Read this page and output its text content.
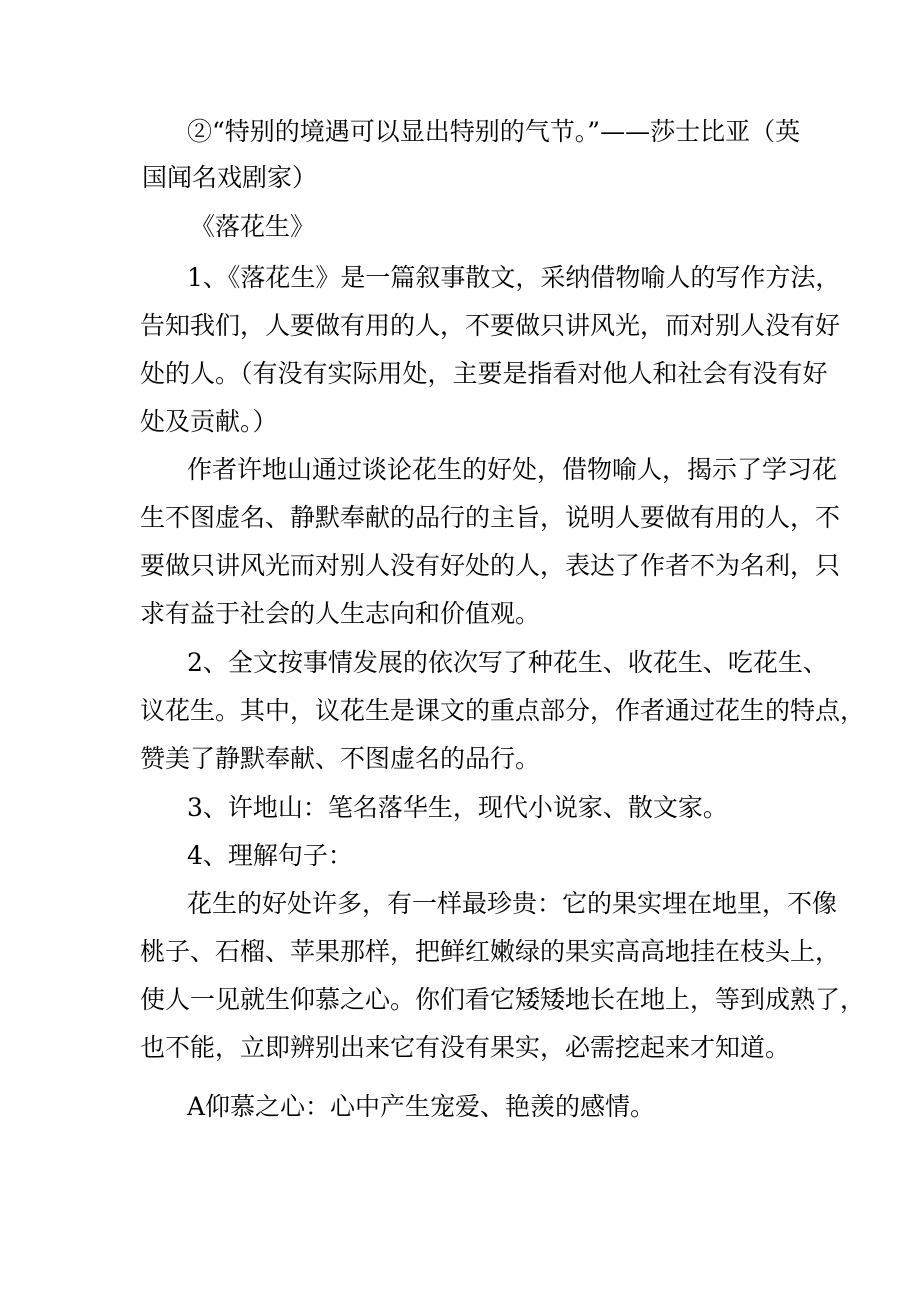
②“特别的境遇可以显出特别的气节。”——莎士比亚（英
国闻名戏剧家）
《落花生》
1、《落花生》是一篇叙事散文，采纳借物喻人的写作方法，
告知我们，人要做有用的人，不要做只讲风光，而对别人没有好
处的人。（有没有实际用处，主要是指看对他人和社会有没有好
处及贡献。）
作者许地山通过谈论花生的好处，借物喻人，揭示了学习花
生不图虚名、静默奉献的品行的主旨，说明人要做有用的人，不
要做只讲风光而对别人没有好处的人，表达了作者不为名利，只
求有益于社会的人生志向和价值观。
2、全文按事情发展的依次写了种花生、收花生、吃花生、
议花生。其中，议花生是课文的重点部分，作者通过花生的特点，
赞美了静默奉献、不图虚名的品行。
3、许地山：笔名落华生，现代小说家、散文家。
4、理解句子：
花生的好处许多，有一样最珍贵：它的果实埋在地里，不像
桃子、石榴、苹果那样，把鲜红嫩绿的果实高高地挂在枝头上，
使人一见就生仰慕之心。你们看它矮矮地长在地上，等到成熟了，
也不能，立即辨别出来它有没有果实，必需挖起来才知道。
A仰慕之心：心中产生宠爱、艳羡的感情。
